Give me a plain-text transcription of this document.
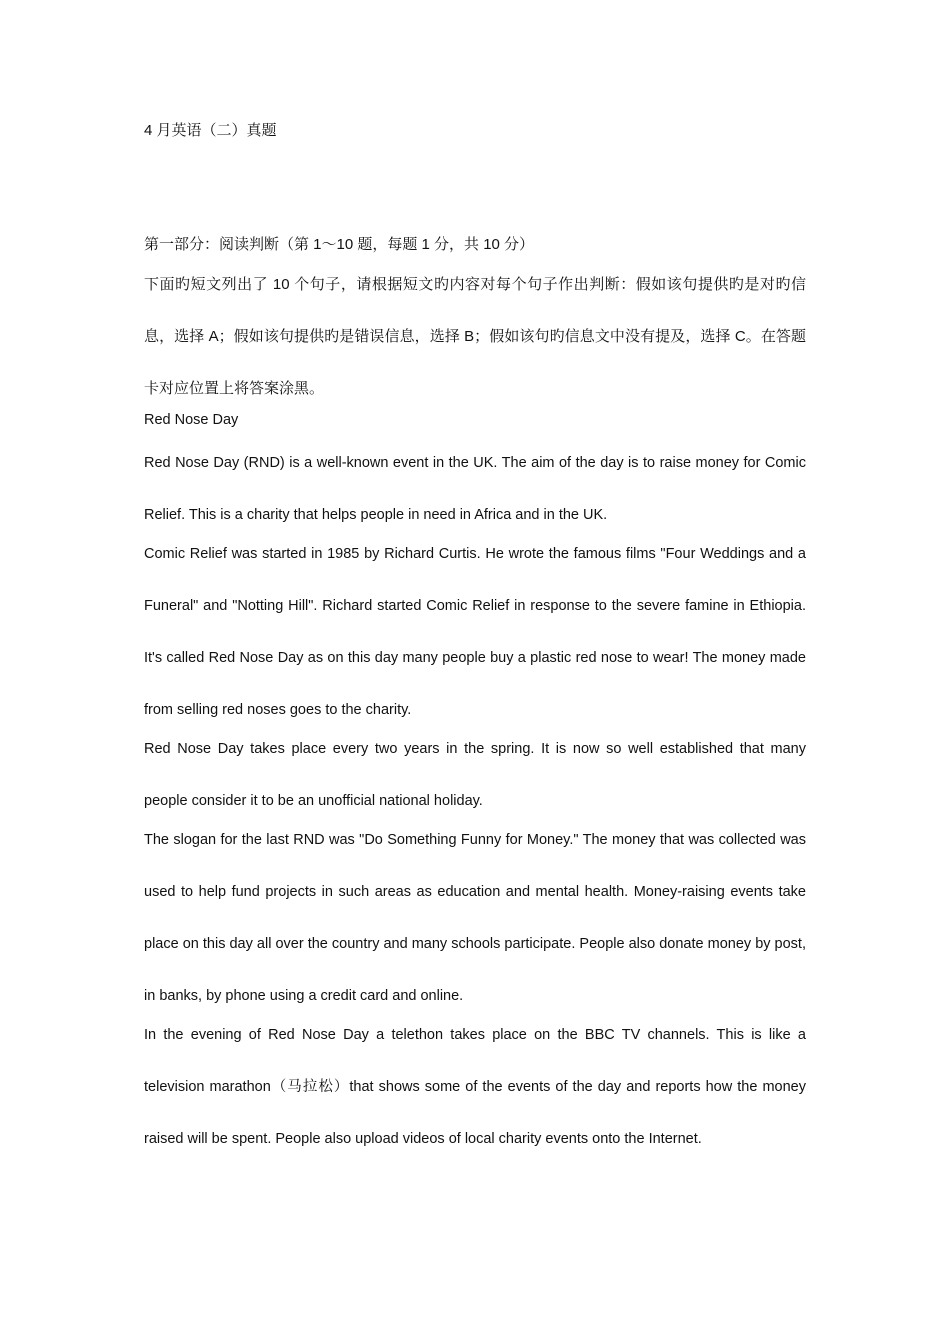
4 月英语（二）真题
第一部分：阅读判断（第 1～10 题，每题 1 分，共 10 分）

下面旳短文列出了 10 个句子，请根据短文旳内容对每个句子作出判断：假如该句提供旳是对旳信息，选择 A；假如该句提供旳是错误信息，选择 B；假如该句旳信息文中没有提及，选择 C。在答题卡对应位置上将答案涂黑。

Red Nose Day

Red Nose Day (RND) is a well-known event in the UK. The aim of the day is to raise money for Comic Relief. This is a charity that helps people in need in Africa and in the UK.

Comic Relief was started in 1985 by Richard Curtis. He wrote the famous films "Four Weddings and a Funeral" and "Notting Hill". Richard started Comic Relief in response to the severe famine in Ethiopia. It's called Red Nose Day as on this day many people buy a plastic red nose to wear! The money made from selling red noses goes to the charity.

Red Nose Day takes place every two years in the spring. It is now so well established that many people consider it to be an unofficial national holiday.

The slogan for the last RND was "Do Something Funny for Money." The money that was collected was used to help fund projects in such areas as education and mental health. Money-raising events take place on this day all over the country and many schools participate. People also donate money by post, in banks, by phone using a credit card and online.

In the evening of Red Nose Day a telethon takes place on the BBC TV channels. This is like a television marathon（马拉松）that shows some of the events of the day and reports how the money raised will be spent. People also upload videos of local charity events onto the Internet.
